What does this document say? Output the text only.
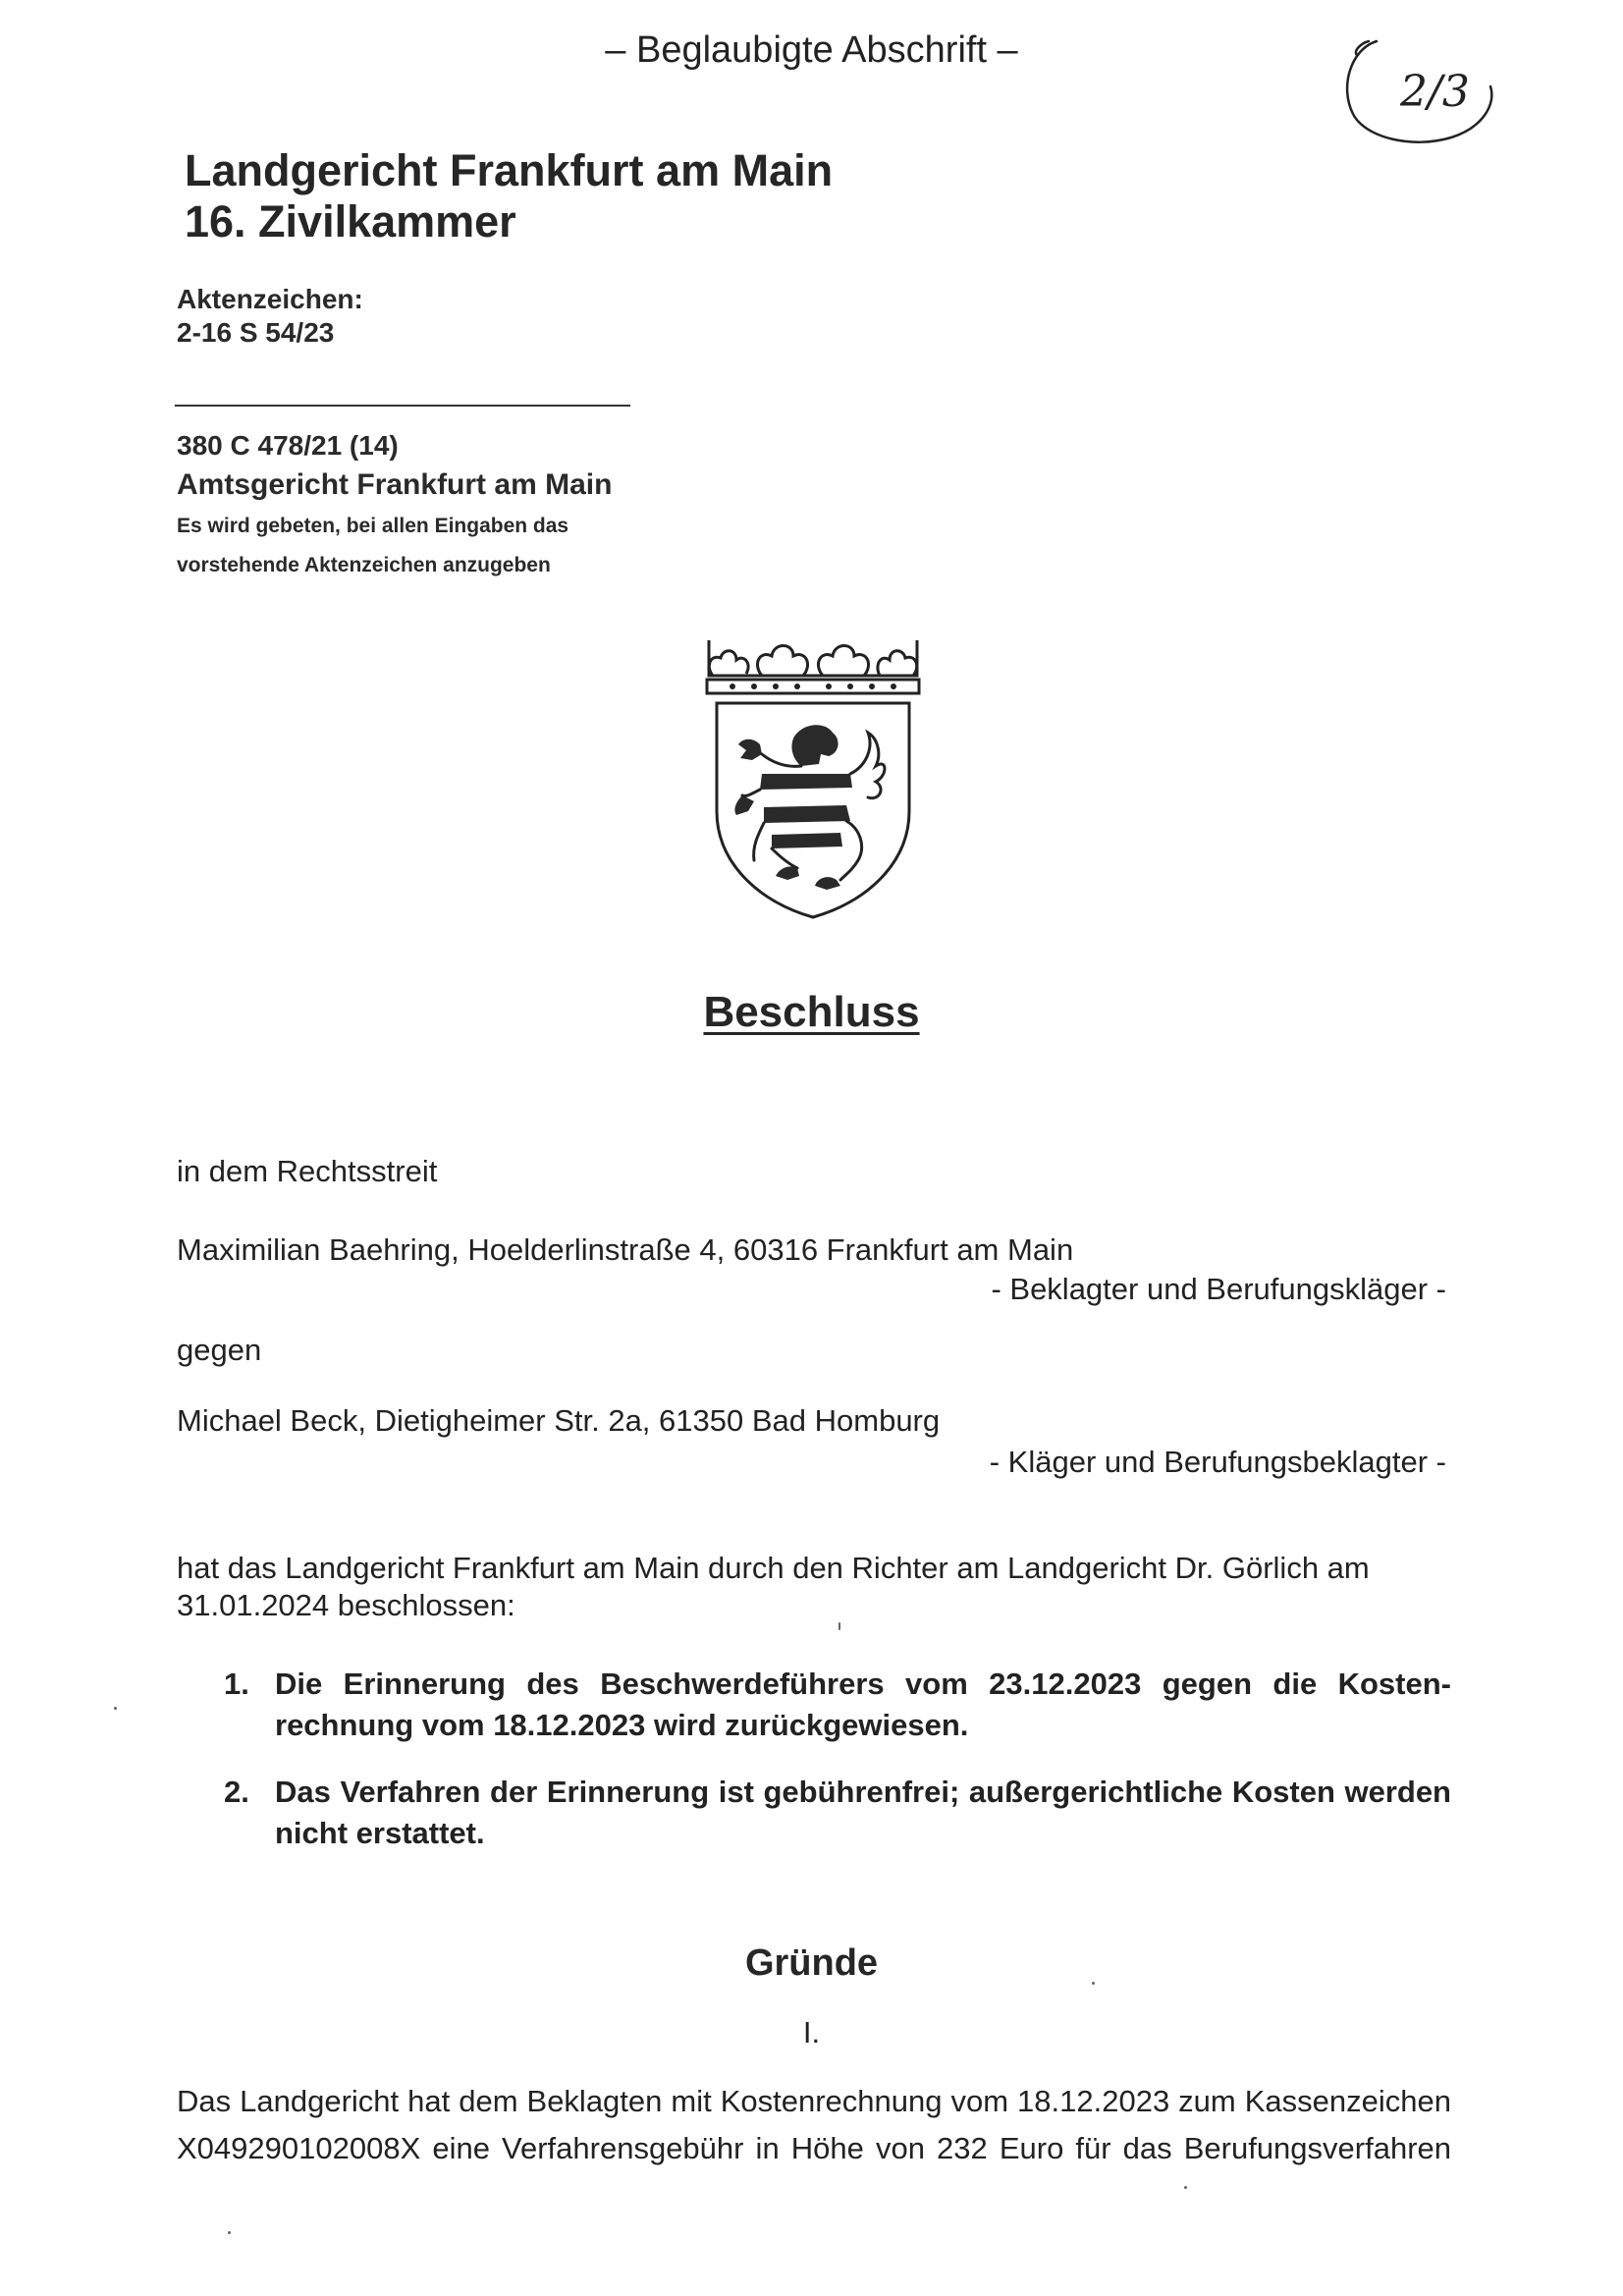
– Beglaubigte Abschrift –
2/3
Landgericht Frankfurt am Main
16. Zivilkammer
Aktenzeichen:
2-16 S 54/23
380 C 478/21 (14)
Amtsgericht Frankfurt am Main
Es wird gebeten, bei allen Eingaben das
vorstehende Aktenzeichen anzugeben
Beschluss
in dem Rechtsstreit
Maximilian Baehring, Hoelderlinstraße 4, 60316 Frankfurt am Main
- Beklagter und Berufungskläger -
gegen
Michael Beck, Dietigheimer Str. 2a, 61350 Bad Homburg
- Kläger und Berufungsbeklagter -
hat das Landgericht Frankfurt am Main durch den Richter am Landgericht Dr. Görlich am 31.01.2024 beschlossen:
1. Die Erinnerung des Beschwerdeführers vom 23.12.2023 gegen die Kostenrechnung vom 18.12.2023 wird zurückgewiesen.
2. Das Verfahren der Erinnerung ist gebührenfrei; außergerichtliche Kosten werden nicht erstattet.
Gründe
I.
Das Landgericht hat dem Beklagten mit Kostenrechnung vom 18.12.2023 zum Kassenzeichen X049290102008X eine Verfahrensgebühr in Höhe von 232 Euro für das Berufungsverfahren
